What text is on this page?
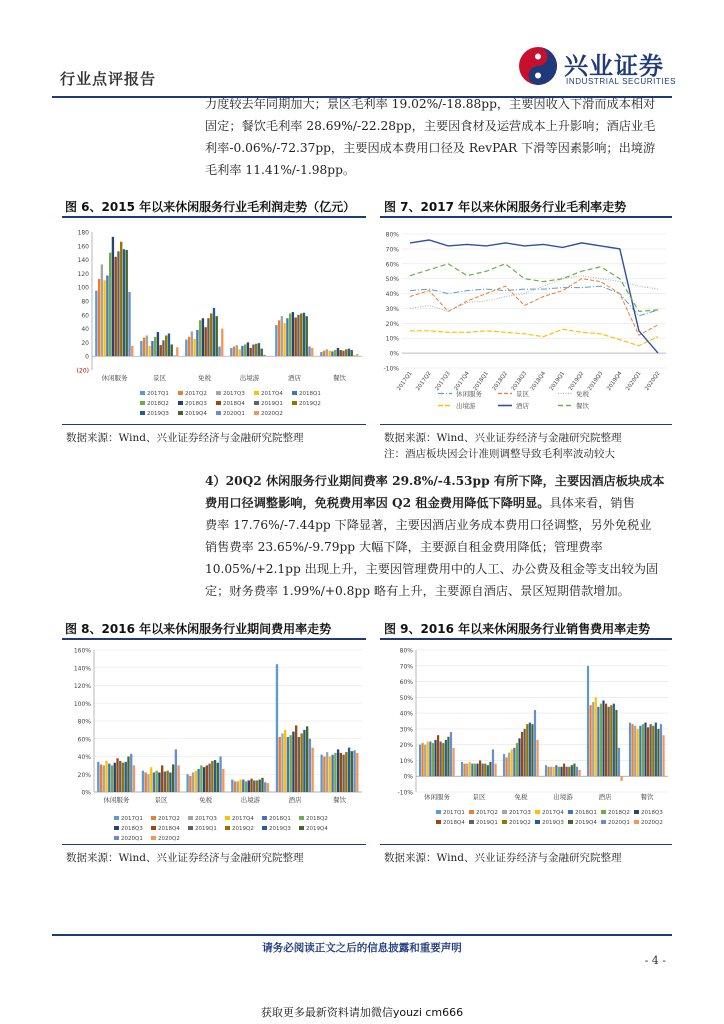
行业点评报告	兴业证券
INDUSTRIAL SECURITIES
力度较去年同期加大；景区毛利率 19.02%/-18.88pp，主要因收入下滑而成本相对
固定；餐饮毛利率 28.69%/-22.28pp，主要因食材及运营成本上升影响；酒店业毛
利率-0.06%/-72.37pp，主要因成本费用口径及 RevPAR 下滑等因素影响；出境游
毛利率 11.41%/-1.98pp。
图 6、2015 年以来休闲服务行业毛利润走势（亿元） 图 7、2017 年以来休闲服务行业毛利率走势
(20)
0
20
40
60
80
100
120
140
160
180
休闲服务	景区	免税	出境游	酒店	餐饮
2017Q1	2017Q2	2017Q3	2017Q4	2018Q1
2018Q2	2018Q3	2018Q4	2019Q1	2019Q2
2019Q3	2019Q4	2020Q1	2020Q2
-10%
0%
10%
20%
30%
40%
50%
60%
70%
80%
2017Q1 2017Q2 2017Q3 2017Q4 2018Q1 2018Q2 2018Q3 2018Q4 2019Q1 2019Q2 2019Q3 2019Q4 2020Q1 2020Q2
休闲服务	景区	免税
出境游	酒店	餐饮
数据来源：Wind、兴业证券经济与金融研究院整理	数据来源：Wind、兴业证券经济与金融研究院整理
注：酒店板块因会计准则调整导致毛利率波动较大
4）20Q2 休闲服务行业期间费率 29.8%/-4.53pp 有所下降，主要因酒店板块成本
费用口径调整影响，免税费用率因 Q2 租金费用降低下降明显。具体来看，销售
费率 17.76%/-7.44pp 下降显著，主要因酒店业务成本费用口径调整，另外免税业
销售费率 23.65%/-9.79pp 大幅下降，主要源自租金费用降低；管理费率
10.05%/+2.1pp 出现上升，主要因管理费用中的人工、办公费及租金等支出较为固
定；财务费率 1.99%/+0.8pp 略有上升，主要源自酒店、景区短期借款增加。
图 8、2016 年以来休闲服务行业期间费用率走势	图 9、2016 年以来休闲服务行业销售费用率走势
0%
20%
40%
60%
80%
100%
120%
140%
160%
休闲服务	景区	免税	出境游	酒店	餐饮
2017Q1	2017Q2	2017Q3	2017Q4	2018Q1	2018Q2
2018Q3	2018Q4	2019Q1	2019Q2	2019Q3	2019Q4
2020Q1	2020Q2
-10%
0%
10%
20%
30%
40%
50%
60%
70%
80%
休闲服务	景区	免税	出境游	酒店	餐饮
2017Q1 2017Q2 2017Q3 2017Q4 2018Q1 2018Q2 2018Q3
2018Q4 2019Q1 2019Q2 2019Q3 2019Q4 2020Q1 2020Q2
数据来源：Wind、兴业证券经济与金融研究院整理	数据来源：Wind、兴业证券经济与金融研究院整理
请务必阅读正文之后的信息披露和重要声明
- 4 -
获取更多最新资料请加微信youzi cm666
